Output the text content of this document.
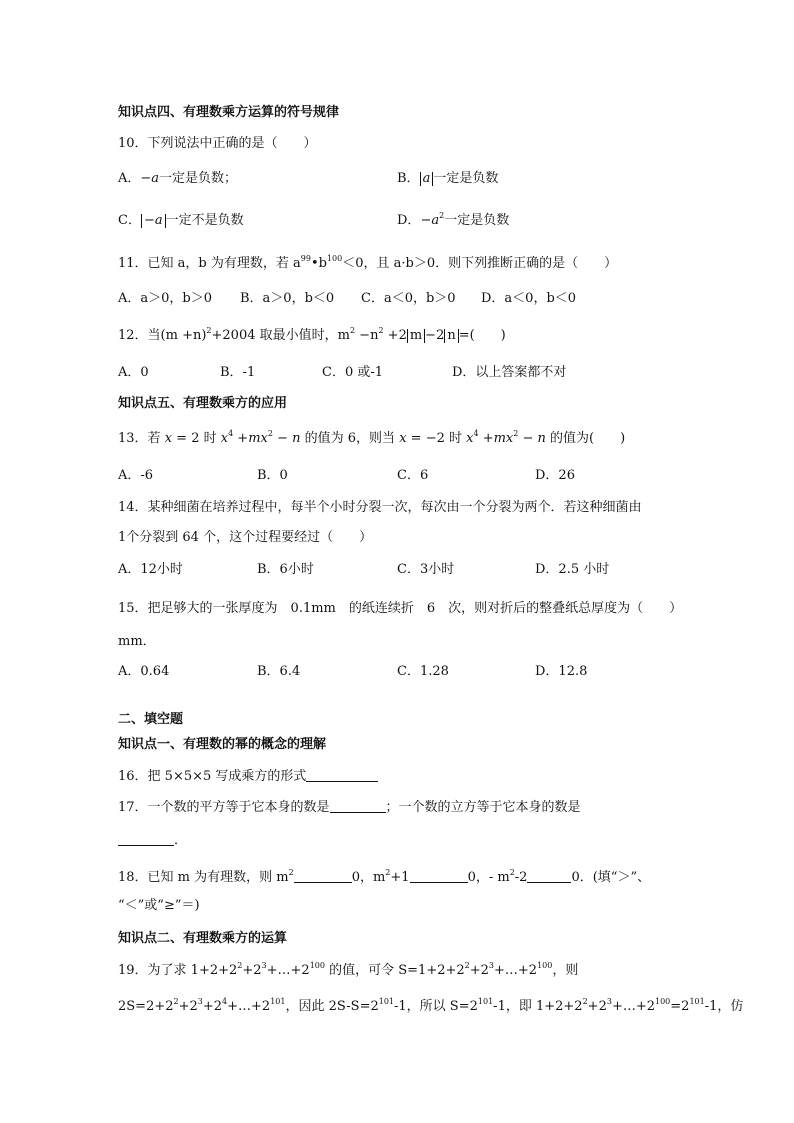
知识点四、有理数乘方运算的符号规律
10．下列说法中正确的是（　　）
A．−a一定是负数；	B． a 一定是负数
C． −a 一定不是负数	D．$-a^2$一定是负数
11．已知 a，b 为有理数，若 $a^{99}•b^{100}<0$，且 a·b＞0．则下列推断正确的是（　　）
A．a＞0，b＞0 B．a＞0，b＜0 C．a＜0，b＞0 D．a＜0，b＜0
12．当$(m +n)^2+2004$ 取最小值时，$m^2 -n^2 +2$ m −2 n =(　　)
A．0	B．-1	C．0 或-1	D．以上答案都不对
知识点五、有理数乘方的应用
13．若 x = 2 时 $x^4 +mx^2 - n$ 的值为 6，则当 x = −2 时 $x^4 +mx^2 - n$ 的值为(　　)
A．-6	B．0	C．6	D．26
14．某种细菌在培养过程中，每半个小时分裂一次，每次由一个分裂为两个．若这种细菌由
1个分裂到 64 个，这个过程要经过（　　）
A．12小时	B．6小时	C．3小时	D．2.5 小时
15．把足够大的一张厚度为　0.1mm　的纸连续折　6　次，则对折后的整叠纸总厚度为（　　）
mm．
A．0.64	B．6.4	C．1.28	D．12.8
二、填空题
知识点一、有理数的幂的概念的理解
16．把 5×5×5 写成乘方的形式
17．一个数的平方等于它本身的数是	；一个数的立方等于它本身的数是
．
18．已知 m 为有理数，则 $m^2$	0，$m^2+1$	0，- $m^2-2$	0．(填“＞”、
“＜”或“≥”＝)
知识点二、有理数乘方的运算
19．为了求 $1+2+2^2+2^3+\dots+2^{100}$ 的值，可令 $S=1+2+2^2+2^3+\dots+2^{100}$，则
$2S=2+2^2+2^3+2^4+\dots+2^{101}$，因此 $2S-S=2^{101}-1$，所以 $S=2^{101}-1$，即 $1+2+2^2+2^3+\dots+2^{100}=2^{101}-1$，仿
